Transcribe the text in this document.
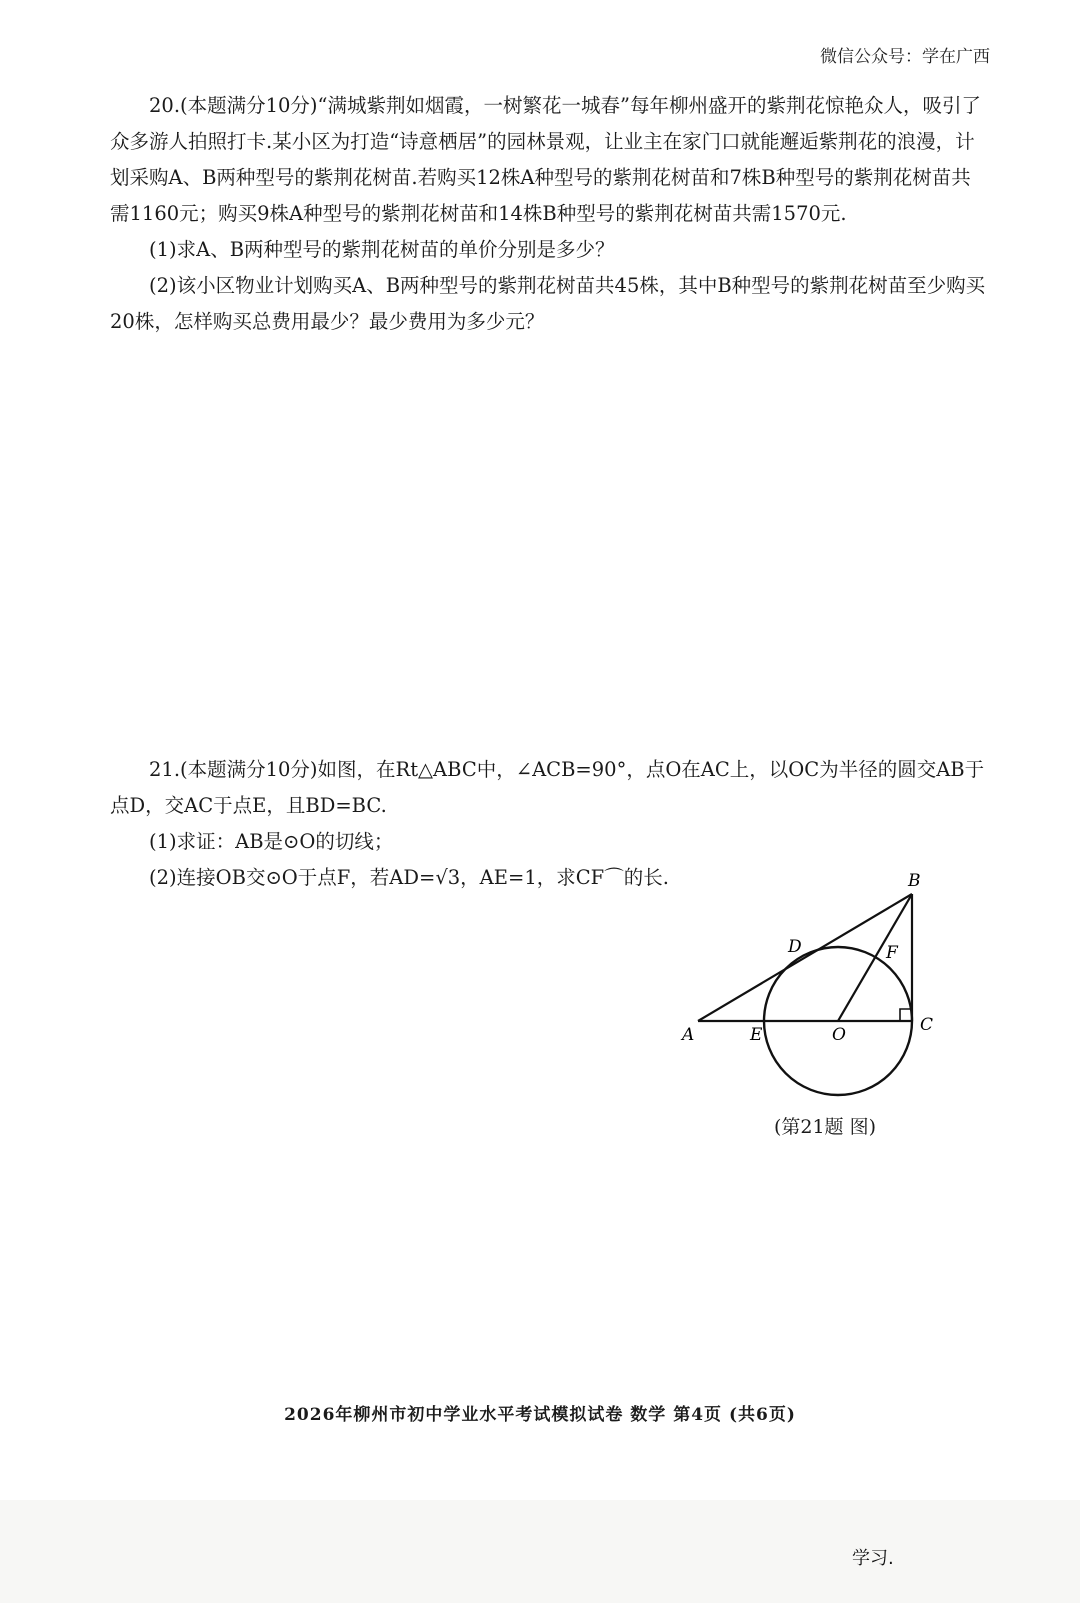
微信公众号：学在广西

20.(本题满分10分)“满城紫荆如烟霞，一树繁花一城春”每年柳州盛开的紫荆花惊艳众人，吸引了众多游人拍照打卡.某小区为打造“诗意栖居”的园林景观，让业主在家门口就能邂逅紫荆花的浪漫，计划采购A、B两种型号的紫荆花树苗.若购买12株A种型号的紫荆花树苗和7株B种型号的紫荆花树苗共需1160元；购买9株A种型号的紫荆花树苗和14株B种型号的紫荆花树苗共需1570元.

(1)求A、B两种型号的紫荆花树苗的单价分别是多少？

(2)该小区物业计划购买A、B两种型号的紫荆花树苗共45株，其中B种型号的紫荆花树苗至少购买20株，怎样购买总费用最少？最少费用为多少元？

21.(本题满分10分)如图，在Rt△ABC中，∠ACB=90°，点O在AC上，以OC为半径的圆交AB于点D，交AC于点E，且BD=BC.

(1)求证：AB是⊙O的切线；

(2)连接OB交⊙O于点F，若AD=√3，AE=1，求CF⌒的长.

A	E	O	C
B
D	F
(第21题 图)
2026年柳州市初中学业水平考试模拟试卷 数学 第4页 (共6页)
学习.
